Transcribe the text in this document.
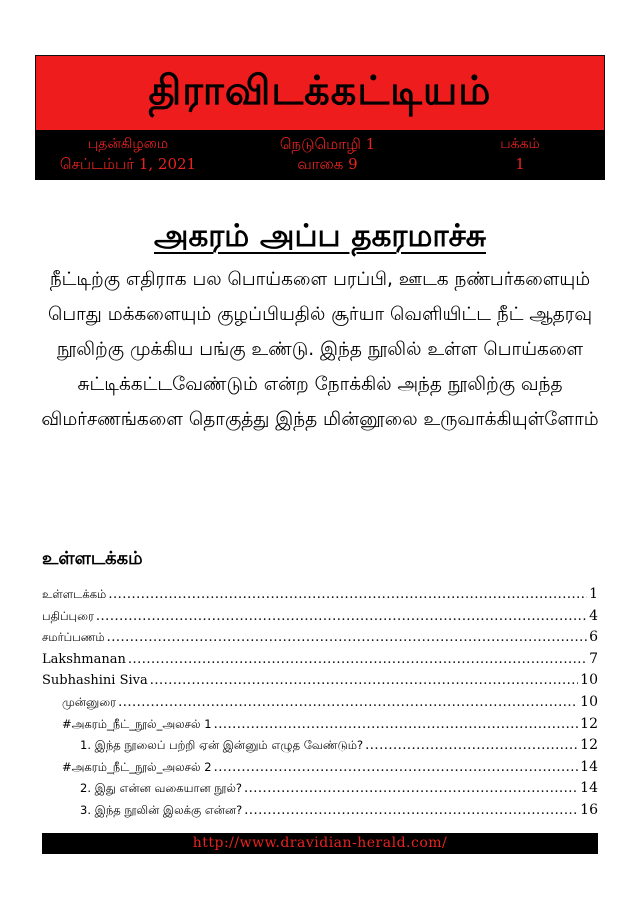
திராவிடக்கட்டியம்
புதன்கிழமை
செப்டம்பர் 1, 2021
நெடுமொழி 1
வாகை 9
பக்கம்
1
அகரம் அப்ப தகரமாச்சு
நீட்டிற்கு எதிராக பல பொய்களை பரப்பி, ஊடக நண்பர்களையும் பொது மக்களையும் குழப்பியதில் சூர்யா வெளியிட்ட நீட் ஆதரவு நூலிற்கு முக்கிய பங்கு உண்டு. இந்த நூலில் உள்ள பொய்களை சுட்டிக்கட்டவேண்டும் என்ற நோக்கில் அந்த நூலிற்கு வந்த விமர்சணங்களை தொகுத்து இந்த மின்னூலை உருவாக்கியுள்ளோம்
உள்ளடக்கம்
உள்ளடக்கம் .....	1
பதிப்புரை .....	4
சமர்ப்பணம் .....	6
Lakshmanan .....	7
Subhashini Siva .....	10
முன்னுரை .....	10
#அகரம்_நீட்_நூல்_அலசல் 1 .....	12
1. இந்த நூலைப் பற்றி ஏன் இன்னும் எழுத வேண்டும்? .....	12
#அகரம்_நீட்_நூல்_அலசல் 2 .....	14
2. இது என்ன வகையான நூல்? .....	14
3. இந்த நூலின் இலக்கு என்ன? .....	16
http://www.dravidian-herald.com/
